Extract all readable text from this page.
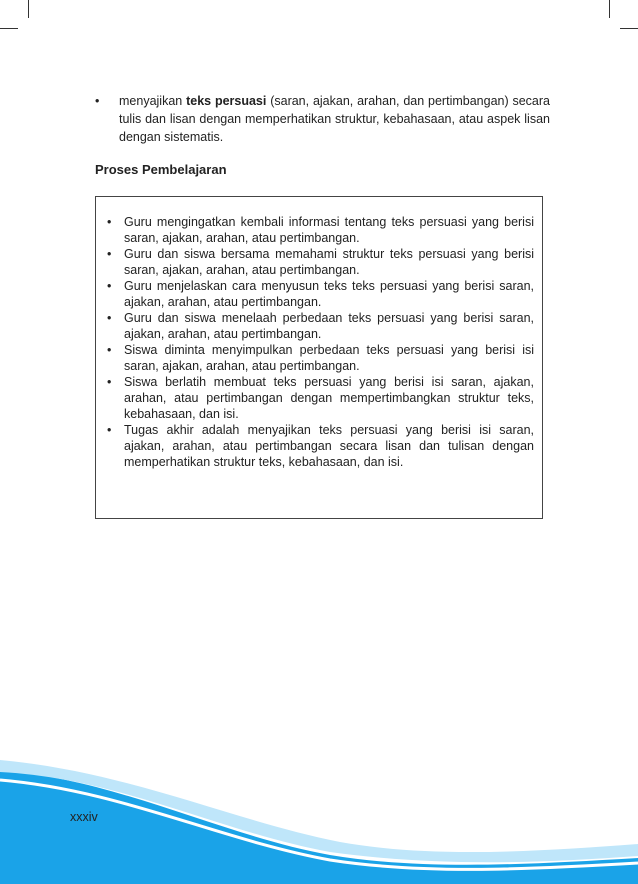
•	menyajikan teks persuasi (saran, ajakan, arahan, dan pertimbangan) secara tulis dan lisan dengan memperhatikan struktur, kebahasaan, atau aspek lisan dengan sistematis.
Proses Pembelajaran
•	Guru mengingatkan kembali informasi tentang teks persuasi yang berisi saran, ajakan, arahan, atau pertimbangan.
•	Guru dan siswa bersama memahami struktur teks persuasi yang berisi saran, ajakan, arahan, atau pertimbangan.
•	Guru menjelaskan cara menyusun teks teks persuasi yang berisi saran, ajakan, arahan, atau pertimbangan.
•	Guru dan siswa menelaah perbedaan teks persuasi yang berisi saran, ajakan, arahan, atau pertimbangan.
•	Siswa diminta menyimpulkan perbedaan teks persuasi yang berisi isi saran, ajakan, arahan, atau pertimbangan.
•	Siswa berlatih membuat teks persuasi yang berisi isi saran, ajakan, arahan, atau pertimbangan dengan mempertimbangkan struktur teks, kebahasaan, dan isi.
•	Tugas akhir adalah menyajikan teks persuasi yang berisi isi saran, ajakan, arahan, atau pertimbangan secara lisan dan tulisan dengan memperhatikan struktur teks, kebahasaan, dan isi.
xxxiv
